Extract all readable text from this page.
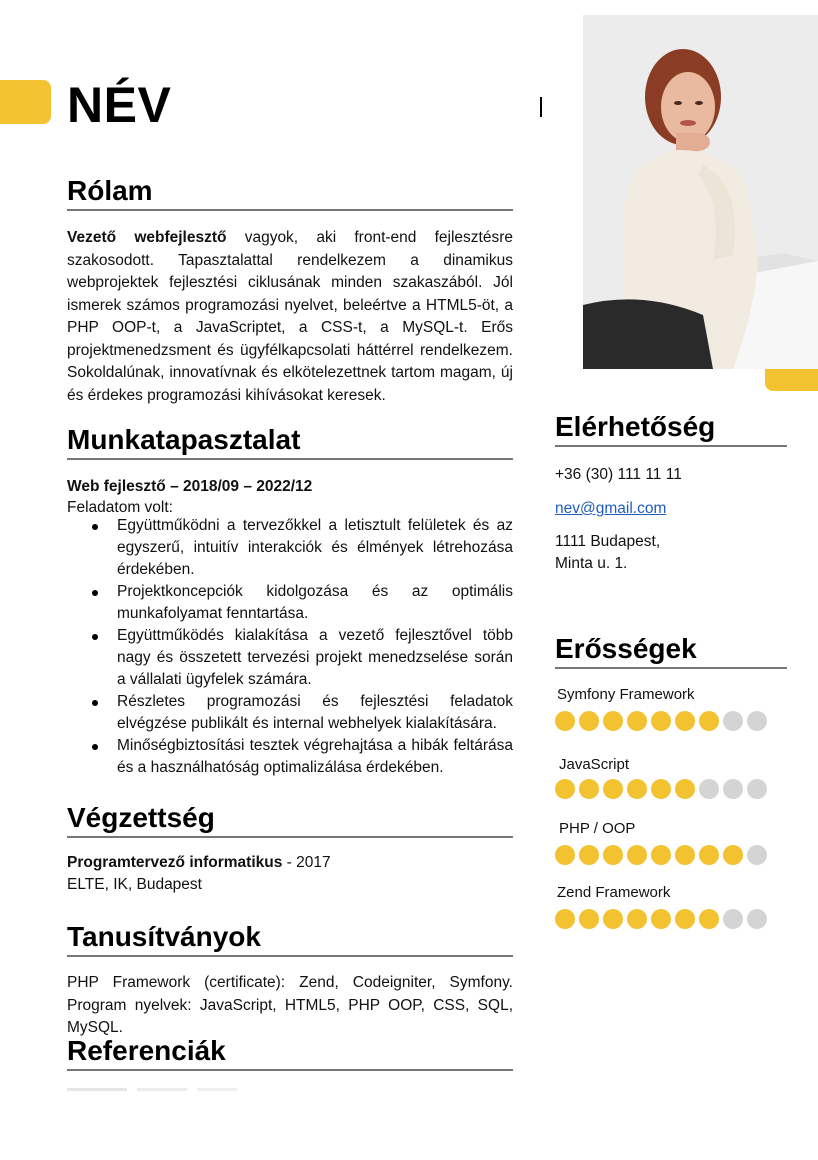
NÉV
Rólam
Vezető webfejlesztő vagyok, aki front-end fejlesztésre szakosodott. Tapasztalattal rendelkezem a dinamikus webprojektek fejlesztési ciklusának minden szakaszából. Jól ismerek számos programozási nyelvet, beleértve a HTML5-öt, a PHP OOP-t, a JavaScriptet, a CSS-t, a MySQL-t. Erős projektmenedzsment és ügyfélkapcsolati háttérrel rendelkezem. Sokoldalúnak, innovatívnak és elkötelezettnek tartom magam, új és érdekes programozási kihívásokat keresek.
Munkatapasztalat
Web fejlesztő – 2018/09 – 2022/12
Feladatom volt:
Együttműködni a tervezőkkel a letisztult felületek és az egyszerű, intuitív interakciók és élmények létrehozása érdekében.
Projektkoncepciók kidolgozása és az optimális munkafolyamat fenntartása.
Együttműködés kialakítása a vezető fejlesztővel több nagy és összetett tervezési projekt menedzselése során a vállalati ügyfelek számára.
Részletes programozási és fejlesztési feladatok elvégzése publikált és internal webhelyek kialakítására.
Minőségbiztosítási tesztek végrehajtása a hibák feltárása és a használhatóság optimalizálása érdekében.
Végzettség
Programtervező informatikus - 2017
ELTE, IK, Budapest
Tanusítványok
PHP Framework (certificate): Zend, Codeigniter, Symfony. Program nyelvek: JavaScript, HTML5, PHP OOP, CSS, SQL, MySQL.
Referenciák
Elérhetőség
+36 (30) 111 11 11
nev@gmail.com
1111 Budapest,
Minta u. 1.
Erősségek
Symfony Framework
JavaScript
PHP / OOP
Zend Framework
